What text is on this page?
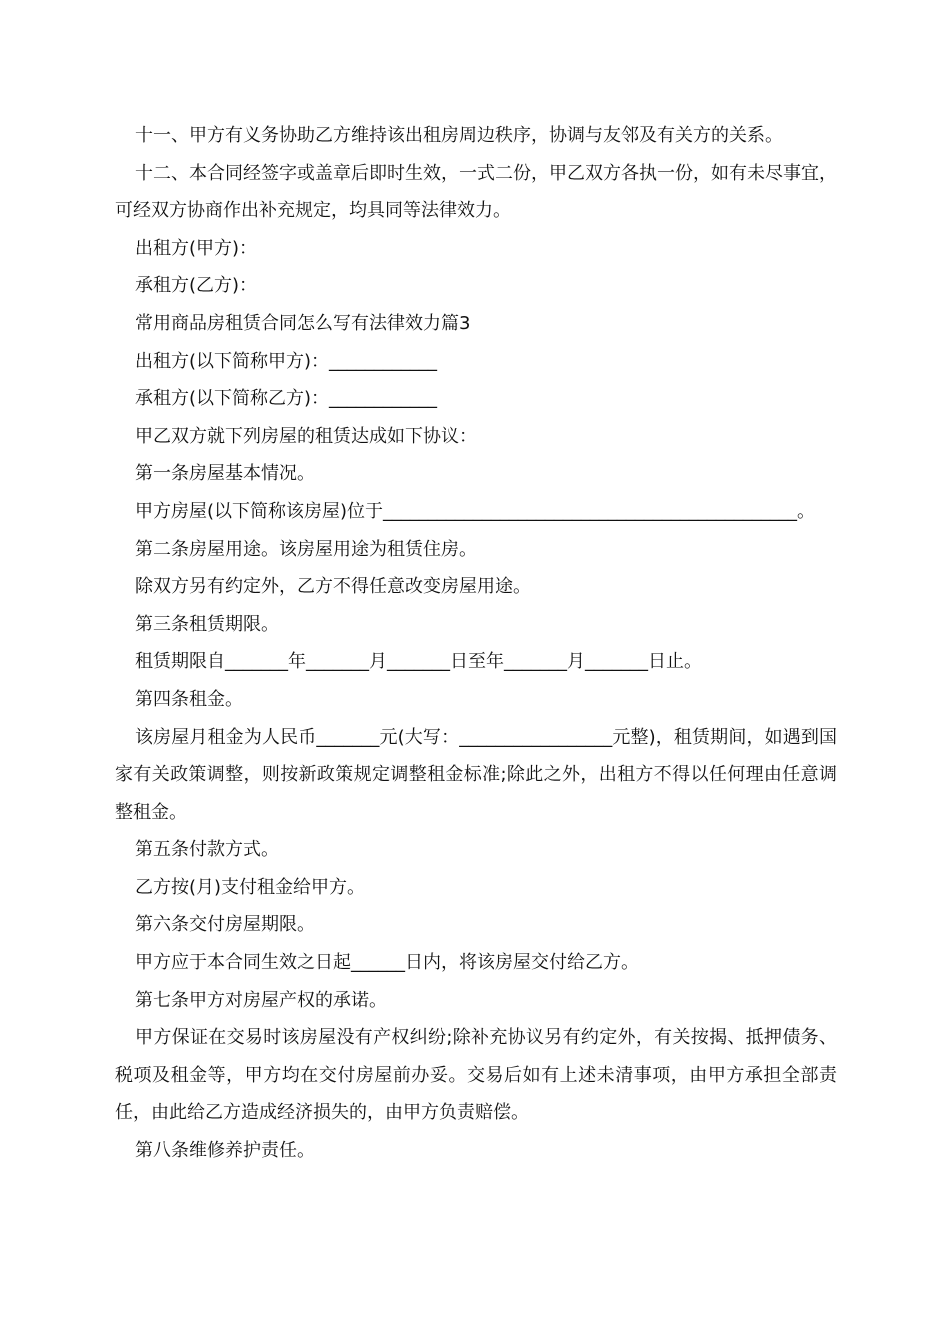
十一、甲方有义务协助乙方维持该出租房周边秩序，协调与友邻及有关方的关系。

十二、本合同经签字或盖章后即时生效，一式二份，甲乙双方各执一份，如有未尽事宜，可经双方协商作出补充规定，均具同等法律效力。

出租方(甲方)：

承租方(乙方)：

常用商品房租赁合同怎么写有法律效力篇3

出租方(以下简称甲方)：____________

承租方(以下简称乙方)：____________

甲乙双方就下列房屋的租赁达成如下协议：

第一条房屋基本情况。

甲方房屋(以下简称该房屋)位于______________________________________________。

第二条房屋用途。该房屋用途为租赁住房。

除双方另有约定外，乙方不得任意改变房屋用途。

第三条租赁期限。

租赁期限自_______年_______月_______日至年_______月_______日止。

第四条租金。

该房屋月租金为人民币_______元(大写：_________________元整)，租赁期间，如遇到国家有关政策调整，则按新政策规定调整租金标准;除此之外，出租方不得以任何理由任意调整租金。

第五条付款方式。

乙方按(月)支付租金给甲方。

第六条交付房屋期限。

甲方应于本合同生效之日起______日内，将该房屋交付给乙方。

第七条甲方对房屋产权的承诺。

甲方保证在交易时该房屋没有产权纠纷;除补充协议另有约定外，有关按揭、抵押债务、税项及租金等，甲方均在交付房屋前办妥。交易后如有上述未清事项，由甲方承担全部责任，由此给乙方造成经济损失的，由甲方负责赔偿。

第八条维修养护责任。
